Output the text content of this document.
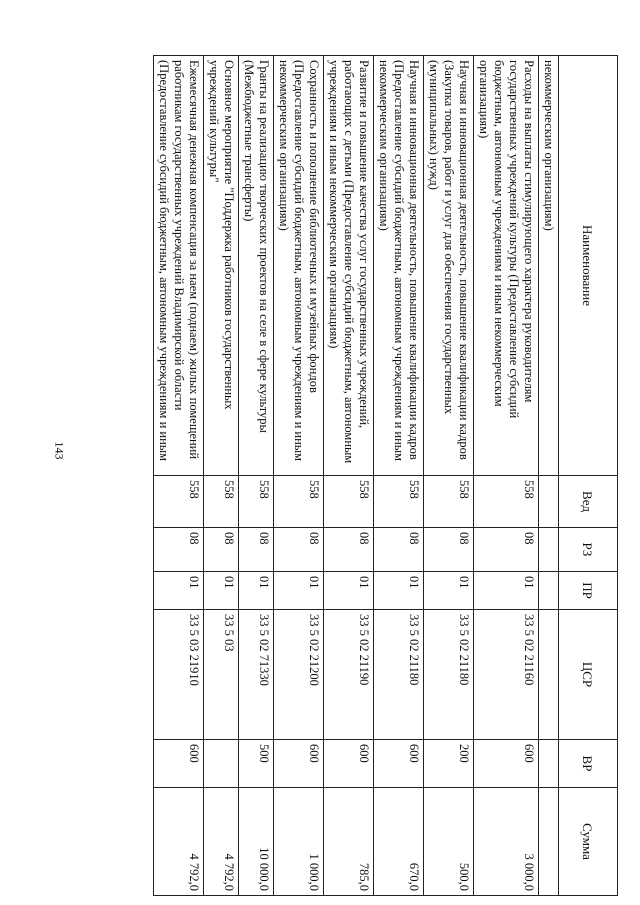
143
Наименование	Вед	РЗ	ПР	ЦСР	ВР	Сумма
некоммерческим организациям)						
Расходы на выплаты стимулирующего характера руководителям государственных учреждений культуры (Предоставление субсидий бюджетным, автономным учреждениям и иным некоммерческим организациям)	558	08	01	33 5 02 21160	600	3 000,0
Научная и инновационная деятельность, повышение квалификации кадров (Закупка товаров, работ и услуг для обеспечения государственных (муниципальных) нужд)	558	08	01	33 5 02 21180	200	500,0
Научная и инновационная деятельность, повышение квалификации кадров (Предоставление субсидий бюджетным, автономным учреждениям и иным некоммерческим организациям)	558	08	01	33 5 02 21180	600	670,0
Развитие и повышение качества услуг государственных учреждений, работающих с детьми (Предоставление субсидий бюджетным, автономным учреждениям и иным некоммерческим организациям)	558	08	01	33 5 02 21190	600	785,0
Сохранность и пополнение библиотечных и музейных фондов (Предоставление субсидий бюджетным, автономным учреждениям и иным некоммерческим организациям)	558	08	01	33 5 02 21200	600	1 000,0
Гранты на реализацию творческих проектов на селе в сфере культуры (Межбюджетные трансферты)	558	08	01	33 5 02 71330	500	10 000,0
Основное мероприятие "Поддержка работников государственных учреждений культуры"	558	08	01	33 5 03		4 792,0
Ежемесячная денежная компенсация за наем (поднаем) жилых помещений работникам государственных учреждений Владимирской области (Предоставление субсидий бюджетным, автономным учреждениям и иным	558	08	01	33 5 03 21910	600	4 792,0
